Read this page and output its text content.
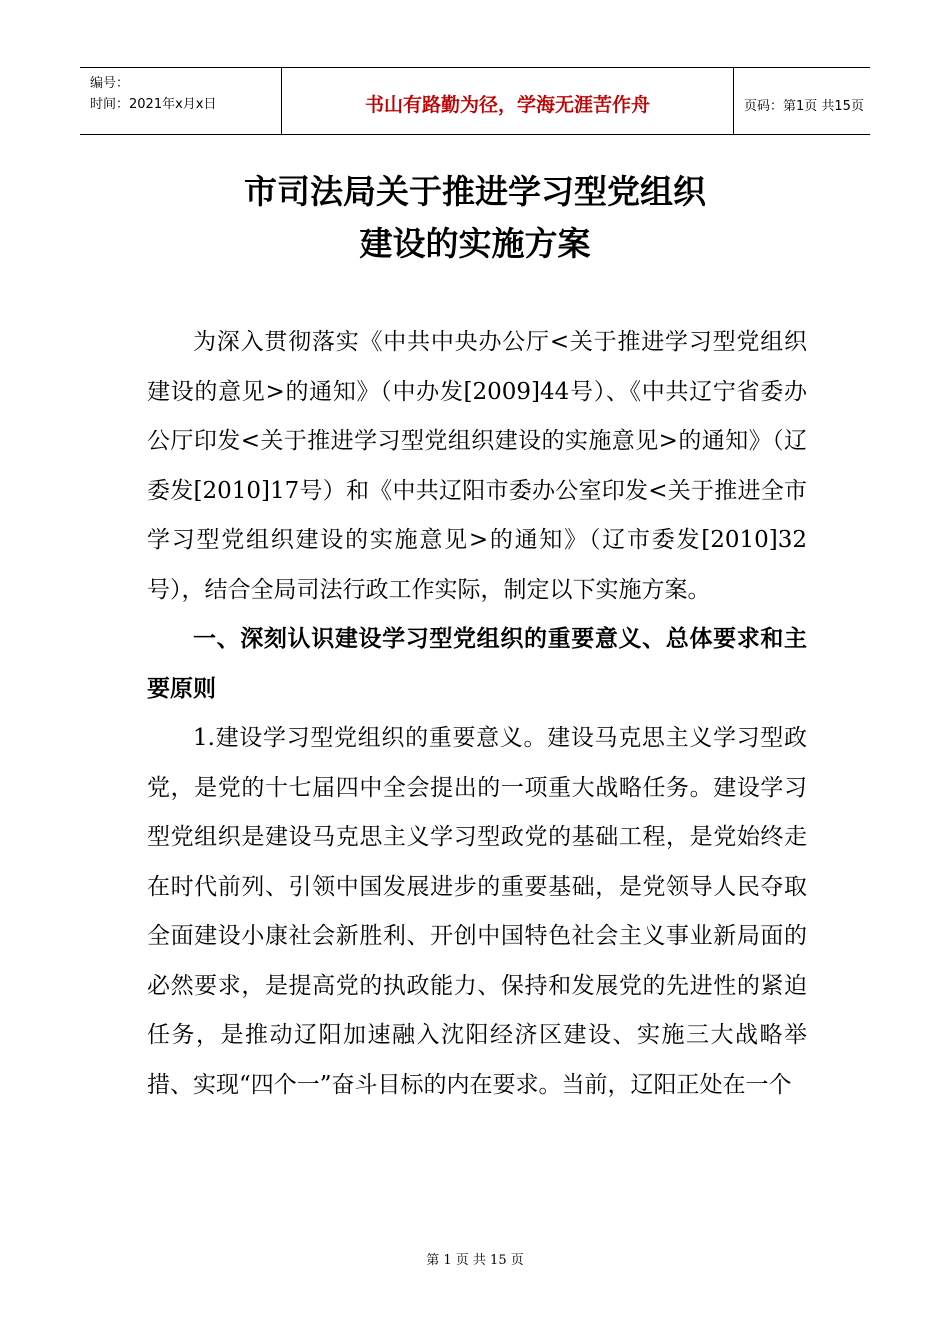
编号：
时间：2021年x月x日	书山有路勤为径，学海无涯苦作舟	页码：第1页 共15页
市司法局关于推进学习型党组织
建设的实施方案

为深入贯彻落实《中共中央办公厅<关于推进学习型党组织建设的意见>的通知》（中办发[2009]44号）、《中共辽宁省委办公厅印发<关于推进学习型党组织建设的实施意见>的通知》（辽委发[2010]17号）和《中共辽阳市委办公室印发<关于推进全市学习型党组织建设的实施意见>的通知》（辽市委发[2010]32号），结合全局司法行政工作实际，制定以下实施方案。

一、深刻认识建设学习型党组织的重要意义、总体要求和主要原则

1.建设学习型党组织的重要意义。建设马克思主义学习型政党，是党的十七届四中全会提出的一项重大战略任务。建设学习型党组织是建设马克思主义学习型政党的基础工程，是党始终走在时代前列、引领中国发展进步的重要基础，是党领导人民夺取全面建设小康社会新胜利、开创中国特色社会主义事业新局面的必然要求，是提高党的执政能力、保持和发展党的先进性的紧迫任务，是推动辽阳加速融入沈阳经济区建设、实施三大战略举措、实现“四个一”奋斗目标的内在要求。当前，辽阳正处在一个

第 1 页 共 15 页
